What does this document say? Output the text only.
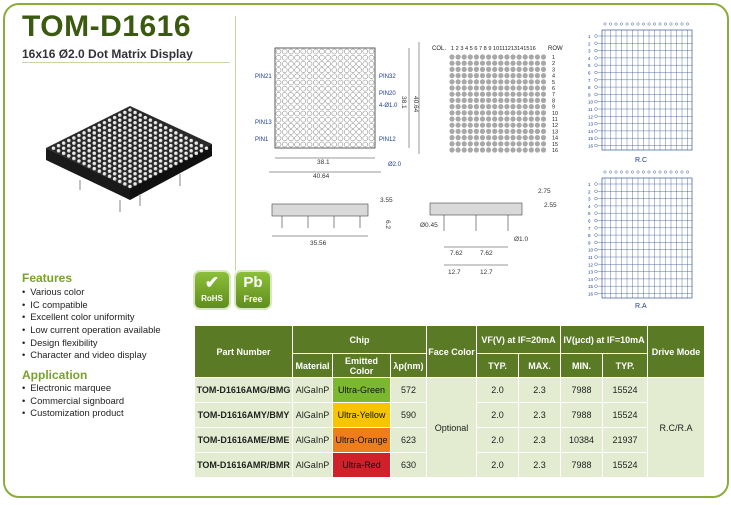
TOM-D1616
16x16 Ø2.0 Dot Matrix Display
Features
• Various color
• IC compatible
• Excellent color uniformity
• Low current operation available
• Design flexibility
• Character and video display
Application
• Electronic marquee
• Commercial signboard
• Customization product
✔
RoHS
Pb
Free
38.1
40.64
38.1 40.64
PIN21
PIN13
PIN1
PIN32
PIN20
PIN12
4-Ø1.0
Ø2.0
35.56
3.55
6.2	Ø0.45
Ø1.0
2.75
2.55
7.62	7.62
12.7	12.7
COL. 1 2 3 4 5 6 7 8 9 10111213141516 ROW
1
2
3
4
5
6
7
8
9
10
11
12
13
14
15
16
1
2
3
4
5
6
7
8
9
10
11
12
13
14
15
16
R.C
1
2
3
4
5
6
7
8
9
10
11
12
13
14
15
16
R.A
Part Number	Chip			Face Color	VF(V) at IF=20mA		IV(μcd) at IF=10mA		Drive Mode
	Material	Emitted Color	λp(nm)		TYP.	MAX.	MIN.	TYP.	
TOM-D1616AMG/BMG	AlGaInP	Ultra-Green	572	Optional	2.0	2.3	7988	15524	R.C/R.A
TOM-D1616AMY/BMY	AlGaInP	Ultra-Yellow	590		2.0	2.3	7988	15524	
TOM-D1616AME/BME	AlGaInP	Ultra-Orange	623		2.0	2.3	10384	21937	
TOM-D1616AMR/BMR	AlGaInP	Ultra-Red	630		2.0	2.3	7988	15524	
